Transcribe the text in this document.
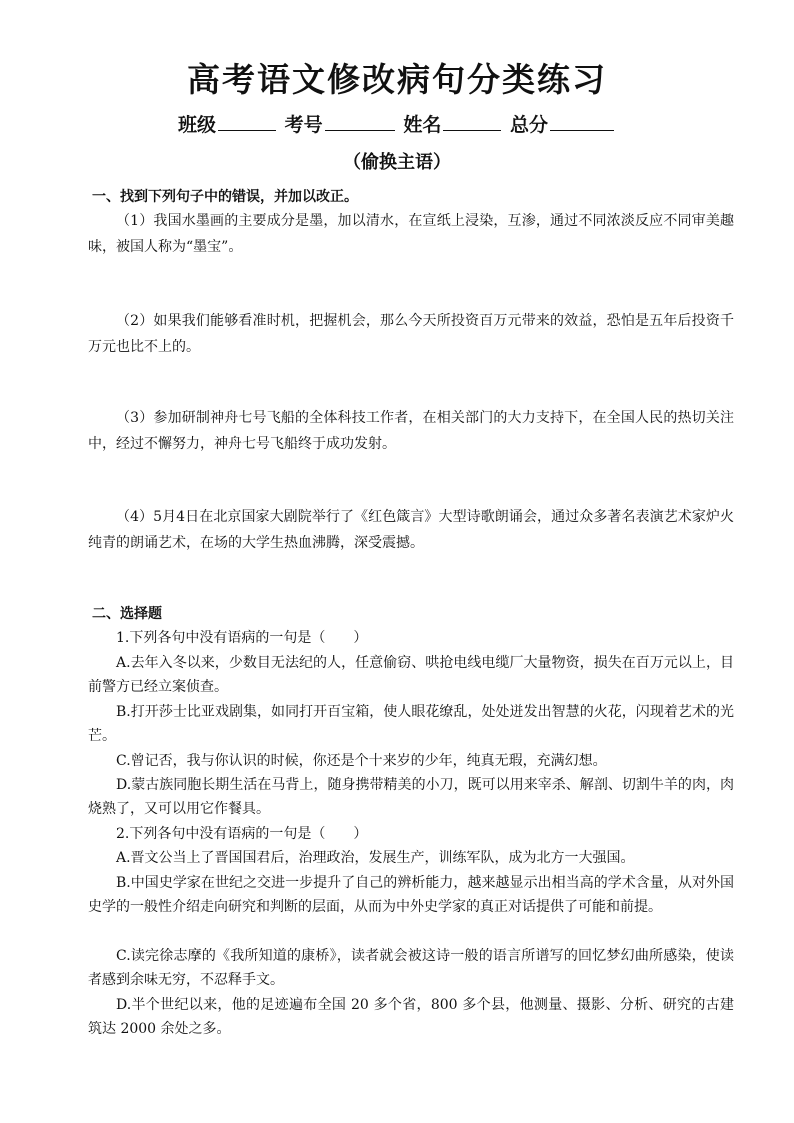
高考语文修改病句分类练习
班级	考号	姓名	总分
（偷换主语）
一、找到下列句子中的错误，并加以改正。

（1）我国水墨画的主要成分是墨，加以清水，在宣纸上浸染，互渗，通过不同浓淡反应不同审美趣味，被国人称为“墨宝”。

（2）如果我们能够看准时机，把握机会，那么今天所投资百万元带来的效益，恐怕是五年后投资千万元也比不上的。

（3）参加研制神舟七号飞船的全体科技工作者，在相关部门的大力支持下，在全国人民的热切关注中，经过不懈努力，神舟七号飞船终于成功发射。

（4）5月4日在北京国家大剧院举行了《红色箴言》大型诗歌朗诵会，通过众多著名表演艺术家炉火纯青的朗诵艺术，在场的大学生热血沸腾，深受震撼。

二、选择题

1.下列各句中没有语病的一句是（　　）

A.去年入冬以来，少数目无法纪的人，任意偷窃、哄抢电线电缆厂大量物资，损失在百万元以上，目前警方已经立案侦查。

B.打开莎士比亚戏剧集，如同打开百宝箱，使人眼花缭乱，处处迸发出智慧的火花，闪现着艺术的光芒。

C.曾记否，我与你认识的时候，你还是个十来岁的少年，纯真无瑕，充满幻想。

D.蒙古族同胞长期生活在马背上，随身携带精美的小刀，既可以用来宰杀、解剖、切割牛羊的肉，肉烧熟了，又可以用它作餐具。

2.下列各句中没有语病的一句是（　　）

A.晋文公当上了晋国国君后，治理政治，发展生产，训练军队，成为北方一大强国。

B.中国史学家在世纪之交进一步提升了自己的辨析能力，越来越显示出相当高的学术含量，从对外国史学的一般性介绍走向研究和判断的层面，从而为中外史学家的真正对话提供了可能和前提。

C.读完徐志摩的《我所知道的康桥》，读者就会被这诗一般的语言所谱写的回忆梦幻曲所感染，使读者感到余味无穷，不忍释手文。

D.半个世纪以来，他的足迹遍布全国 20 多个省，800 多个县，他测量、摄影、分析、研究的古建筑达 2000 余处之多。
